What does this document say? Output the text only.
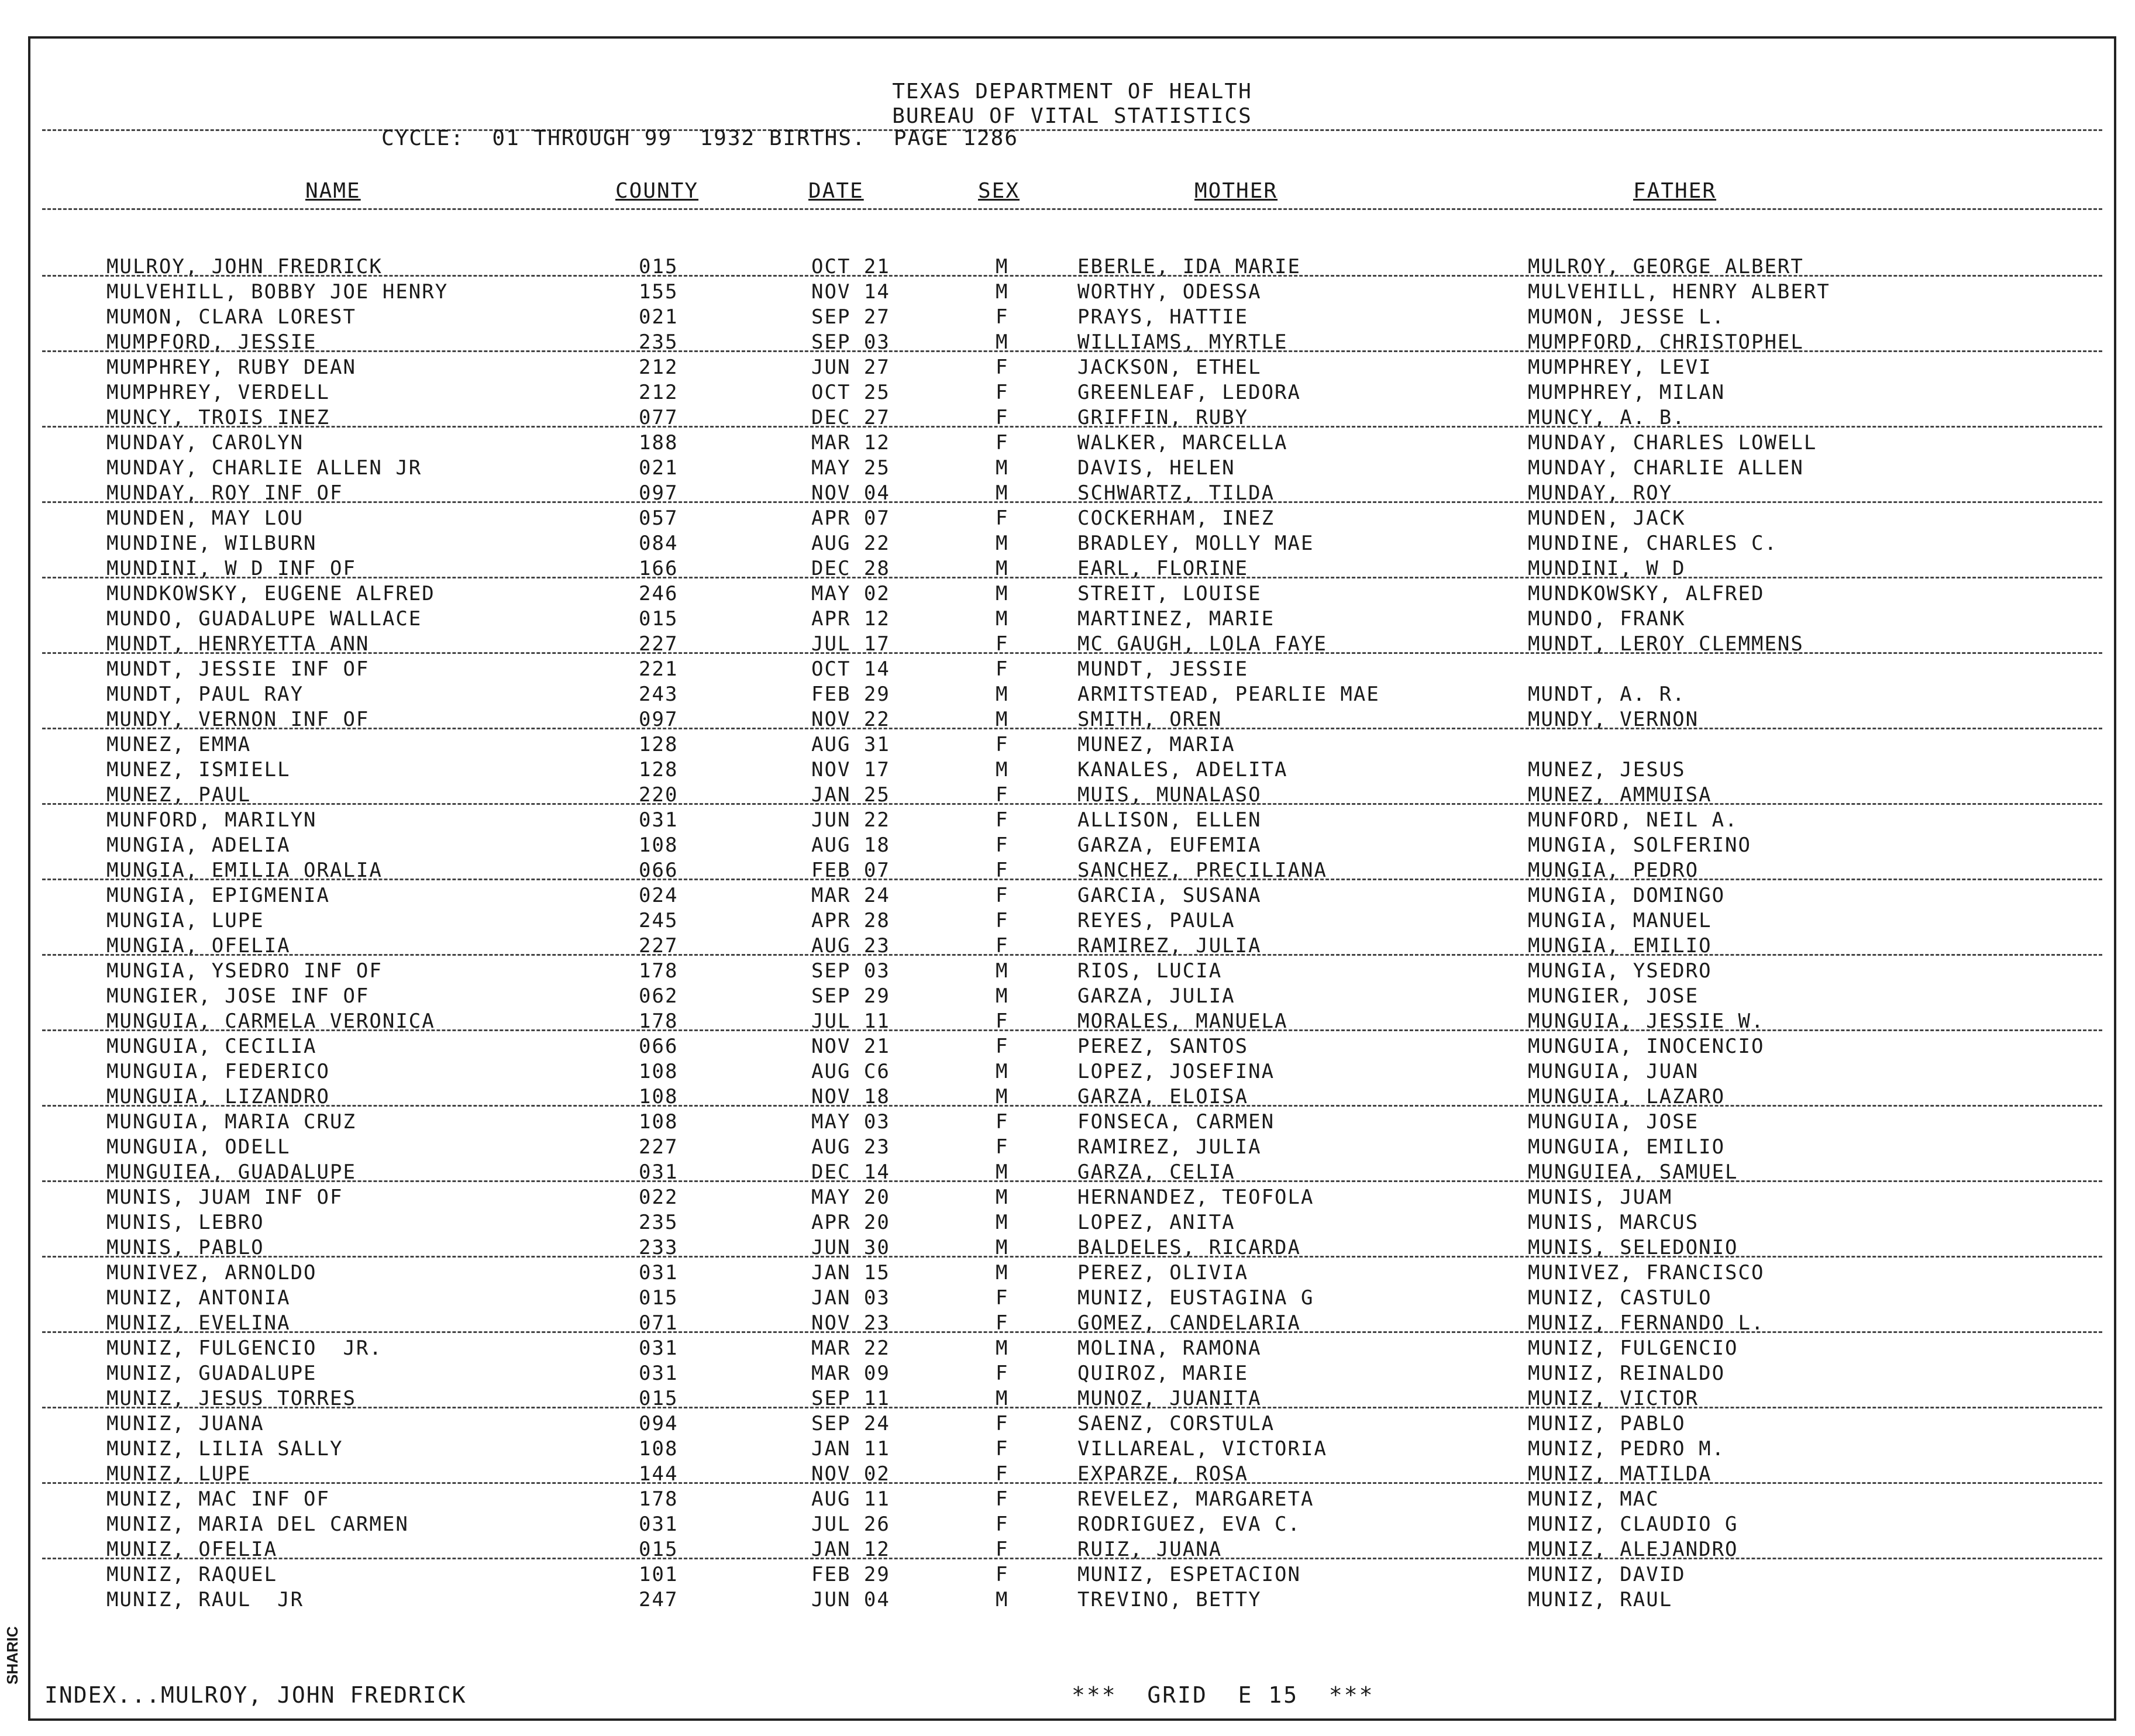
TEXAS DEPARTMENT OF HEALTH
BUREAU OF VITAL STATISTICS
CYCLE:  01 THROUGH 99  1932 BIRTHS.  PAGE 1286
NAME	COUNTY	DATE	SEX	MOTHER	FATHER
MULROY, JOHN FREDRICK	015	OCT 21	M	EBERLE, IDA MARIE	MULROY, GEORGE ALBERT
MULVEHILL, BOBBY JOE HENRY	155	NOV 14	M	WORTHY, ODESSA	MULVEHILL, HENRY ALBERT
MUMON, CLARA LOREST	021	SEP 27	F	PRAYS, HATTIE	MUMON, JESSE L.
MUMPFORD, JESSIE	235	SEP 03	M	WILLIAMS, MYRTLE	MUMPFORD, CHRISTOPHEL
MUMPHREY, RUBY DEAN	212	JUN 27	F	JACKSON, ETHEL	MUMPHREY, LEVI
MUMPHREY, VERDELL	212	OCT 25	F	GREENLEAF, LEDORA	MUMPHREY, MILAN
MUNCY, TROIS INEZ	077	DEC 27	F	GRIFFIN, RUBY	MUNCY, A. B.
MUNDAY, CAROLYN	188	MAR 12	F	WALKER, MARCELLA	MUNDAY, CHARLES LOWELL
MUNDAY, CHARLIE ALLEN JR	021	MAY 25	M	DAVIS, HELEN	MUNDAY, CHARLIE ALLEN
MUNDAY, ROY INF OF	097	NOV 04	M	SCHWARTZ, TILDA	MUNDAY, ROY
MUNDEN, MAY LOU	057	APR 07	F	COCKERHAM, INEZ	MUNDEN, JACK
MUNDINE, WILBURN	084	AUG 22	M	BRADLEY, MOLLY MAE	MUNDINE, CHARLES C.
MUNDINI, W D INF OF	166	DEC 28	M	EARL, FLORINE	MUNDINI, W D
MUNDKOWSKY, EUGENE ALFRED	246	MAY 02	M	STREIT, LOUISE	MUNDKOWSKY, ALFRED
MUNDO, GUADALUPE WALLACE	015	APR 12	M	MARTINEZ, MARIE	MUNDO, FRANK
MUNDT, HENRYETTA ANN	227	JUL 17	F	MC GAUGH, LOLA FAYE	MUNDT, LEROY CLEMMENS
MUNDT, JESSIE INF OF	221	OCT 14	F	MUNDT, JESSIE
MUNDT, PAUL RAY	243	FEB 29	M	ARMITSTEAD, PEARLIE MAE	MUNDT, A. R.
MUNDY, VERNON INF OF	097	NOV 22	M	SMITH, OREN	MUNDY, VERNON
MUNEZ, EMMA	128	AUG 31	F	MUNEZ, MARIA
MUNEZ, ISMIELL	128	NOV 17	M	KANALES, ADELITA	MUNEZ, JESUS
MUNEZ, PAUL	220	JAN 25	F	MUIS, MUNALASO	MUNEZ, AMMUISA
MUNFORD, MARILYN	031	JUN 22	F	ALLISON, ELLEN	MUNFORD, NEIL A.
MUNGIA, ADELIA	108	AUG 18	F	GARZA, EUFEMIA	MUNGIA, SOLFERINO
MUNGIA, EMILIA ORALIA	066	FEB 07	F	SANCHEZ, PRECILIANA	MUNGIA, PEDRO
MUNGIA, EPIGMENIA	024	MAR 24	F	GARCIA, SUSANA	MUNGIA, DOMINGO
MUNGIA, LUPE	245	APR 28	F	REYES, PAULA	MUNGIA, MANUEL
MUNGIA, OFELIA	227	AUG 23	F	RAMIREZ, JULIA	MUNGIA, EMILIO
MUNGIA, YSEDRO INF OF	178	SEP 03	M	RIOS, LUCIA	MUNGIA, YSEDRO
MUNGIER, JOSE INF OF	062	SEP 29	M	GARZA, JULIA	MUNGIER, JOSE
MUNGUIA, CARMELA VERONICA	178	JUL 11	F	MORALES, MANUELA	MUNGUIA, JESSIE W.
MUNGUIA, CECILIA	066	NOV 21	F	PEREZ, SANTOS	MUNGUIA, INOCENCIO
MUNGUIA, FEDERICO	108	AUG C6	M	LOPEZ, JOSEFINA	MUNGUIA, JUAN
MUNGUIA, LIZANDRO	108	NOV 18	M	GARZA, ELOISA	MUNGUIA, LAZARO
MUNGUIA, MARIA CRUZ	108	MAY 03	F	FONSECA, CARMEN	MUNGUIA, JOSE
MUNGUIA, ODELL	227	AUG 23	F	RAMIREZ, JULIA	MUNGUIA, EMILIO
MUNGUIEA, GUADALUPE	031	DEC 14	M	GARZA, CELIA	MUNGUIEA, SAMUEL
MUNIS, JUAM INF OF	022	MAY 20	M	HERNANDEZ, TEOFOLA	MUNIS, JUAM
MUNIS, LEBRO	235	APR 20	M	LOPEZ, ANITA	MUNIS, MARCUS
MUNIS, PABLO	233	JUN 30	M	BALDELES, RICARDA	MUNIS, SELEDONIO
MUNIVEZ, ARNOLDO	031	JAN 15	M	PEREZ, OLIVIA	MUNIVEZ, FRANCISCO
MUNIZ, ANTONIA	015	JAN 03	F	MUNIZ, EUSTAGINA G	MUNIZ, CASTULO
MUNIZ, EVELINA	071	NOV 23	F	GOMEZ, CANDELARIA	MUNIZ, FERNANDO L.
MUNIZ, FULGENCIO  JR.	031	MAR 22	M	MOLINA, RAMONA	MUNIZ, FULGENCIO
MUNIZ, GUADALUPE	031	MAR 09	F	QUIROZ, MARIE	MUNIZ, REINALDO
MUNIZ, JESUS TORRES	015	SEP 11	M	MUNOZ, JUANITA	MUNIZ, VICTOR
MUNIZ, JUANA	094	SEP 24	F	SAENZ, CORSTULA	MUNIZ, PABLO
MUNIZ, LILIA SALLY	108	JAN 11	F	VILLAREAL, VICTORIA	MUNIZ, PEDRO M.
MUNIZ, LUPE	144	NOV 02	F	EXPARZE, ROSA	MUNIZ, MATILDA
MUNIZ, MAC INF OF	178	AUG 11	F	REVELEZ, MARGARETA	MUNIZ, MAC
MUNIZ, MARIA DEL CARMEN	031	JUL 26	F	RODRIGUEZ, EVA C.	MUNIZ, CLAUDIO G
MUNIZ, OFELIA	015	JAN 12	F	RUIZ, JUANA	MUNIZ, ALEJANDRO
MUNIZ, RAQUEL	101	FEB 29	F	MUNIZ, ESPETACION	MUNIZ, DAVID
MUNIZ, RAUL  JR	247	JUN 04	M	TREVINO, BETTY	MUNIZ, RAUL
INDEX...MULROY, JOHN FREDRICK	***  GRID  E 15  ***
SHARIC
